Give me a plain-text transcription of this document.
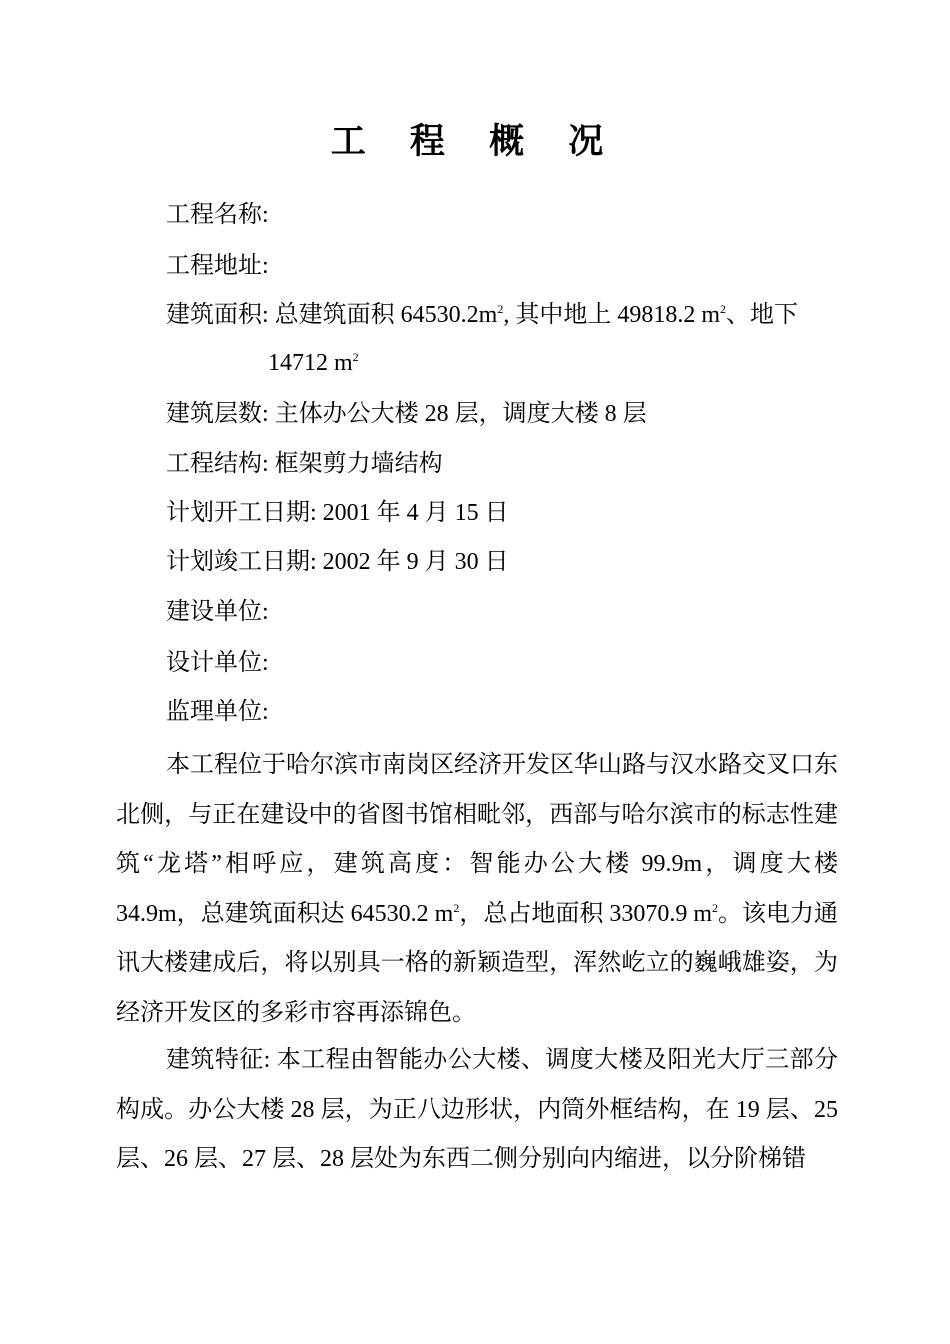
工 程 概 况
工程名称:
工程地址:
建筑面积: 总建筑面积 $64530.2m^2$, 其中地上 49818.2 $m^2$、地下
14712 $m^2$
建筑层数: 主体办公大楼 28 层，调度大楼 8 层
工程结构: 框架剪力墙结构
计划开工日期: 2001 年 4 月 15 日
计划竣工日期: 2002 年 9 月 30 日
建设单位:
设计单位:
监理单位:
本工程位于哈尔滨市南岗区经济开发区华山路与汉水路交叉口东北侧，与正在建设中的省图书馆相毗邻，西部与哈尔滨市的标志性建筑“龙塔”相呼应，建筑高度：智能办公大楼 99.9m，调度大楼 34.9m，总建筑面积达 64530.2 $m^2$，总占地面积 33070.9 $m^2$。该电力通讯大楼建成后，将以别具一格的新颖造型，浑然屹立的巍峨雄姿，为经济开发区的多彩市容再添锦色。
建筑特征: 本工程由智能办公大楼、调度大楼及阳光大厅三部分构成。办公大楼 28 层，为正八边形状，内筒外框结构，在 19 层、25 层、26 层、27 层、28 层处为东西二侧分别向内缩进，以分阶梯错
